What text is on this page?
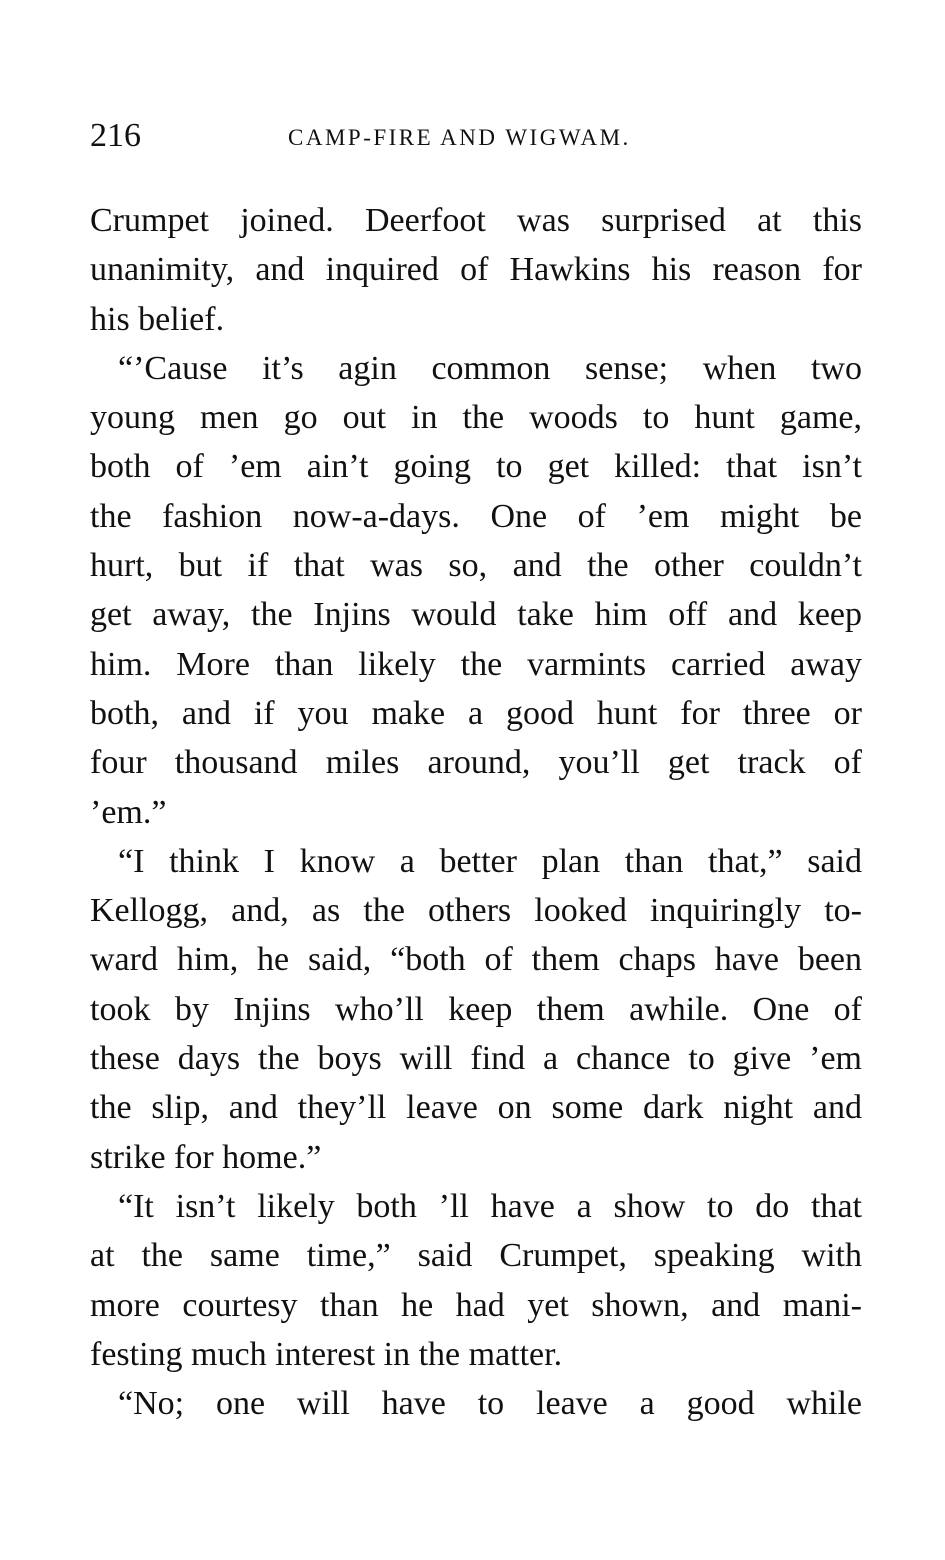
216	CAMP-FIRE AND WIGWAM.
Crumpet joined. Deerfoot was surprised at this
unanimity, and inquired of Hawkins his reason for
his belief.
“’Cause it’s agin common sense; when two
young men go out in the woods to hunt game,
both of ’em ain’t going to get killed: that isn’t
the fashion now-a-days. One of ’em might be
hurt, but if that was so, and the other couldn’t
get away, the Injins would take him off and keep
him. More than likely the varmints carried away
both, and if you make a good hunt for three or
four thousand miles around, you’ll get track of
’em.”
“I think I know a better plan than that,” said
Kellogg, and, as the others looked inquiringly to-
ward him, he said, “both of them chaps have been
took by Injins who’ll keep them awhile. One of
these days the boys will find a chance to give ’em
the slip, and they’ll leave on some dark night and
strike for home.”
“It isn’t likely both ’ll have a show to do that
at the same time,” said Crumpet, speaking with
more courtesy than he had yet shown, and mani-
festing much interest in the matter.
“No; one will have to leave a good while
